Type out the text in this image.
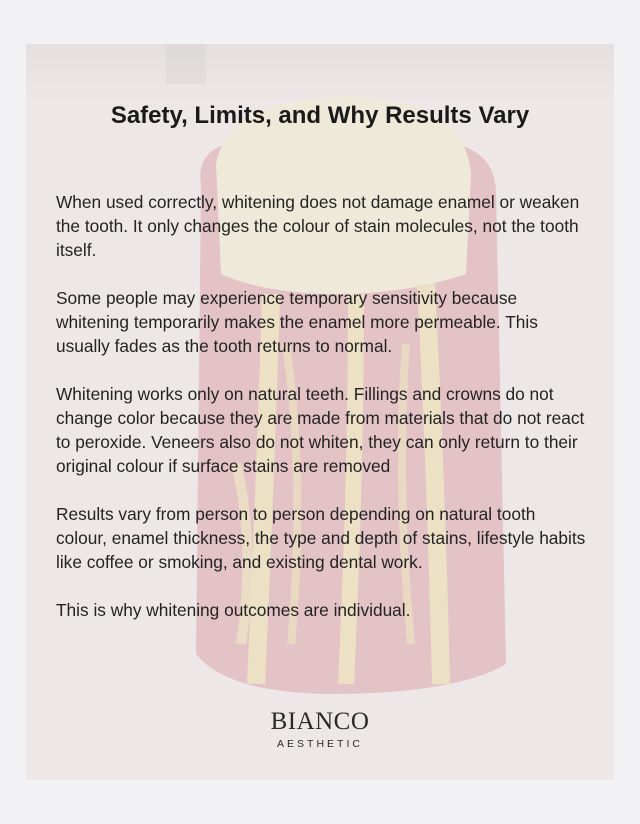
Safety, Limits, and Why Results Vary

When used correctly, whitening does not damage enamel or weaken the tooth. It only changes the colour of stain molecules, not the tooth itself.

Some people may experience temporary sensitivity because whitening temporarily makes the enamel more permeable. This usually fades as the tooth returns to normal.

Whitening works only on natural teeth. Fillings and crowns do not change color because they are made from materials that do not react to peroxide. Veneers also do not whiten, they can only return to their original colour if surface stains are removed

Results vary from person to person depending on natural tooth colour, enamel thickness, the type and depth of stains, lifestyle habits like coffee or smoking, and existing dental work.

This is why whitening outcomes are individual.

BIANCO
AESTHETIC
